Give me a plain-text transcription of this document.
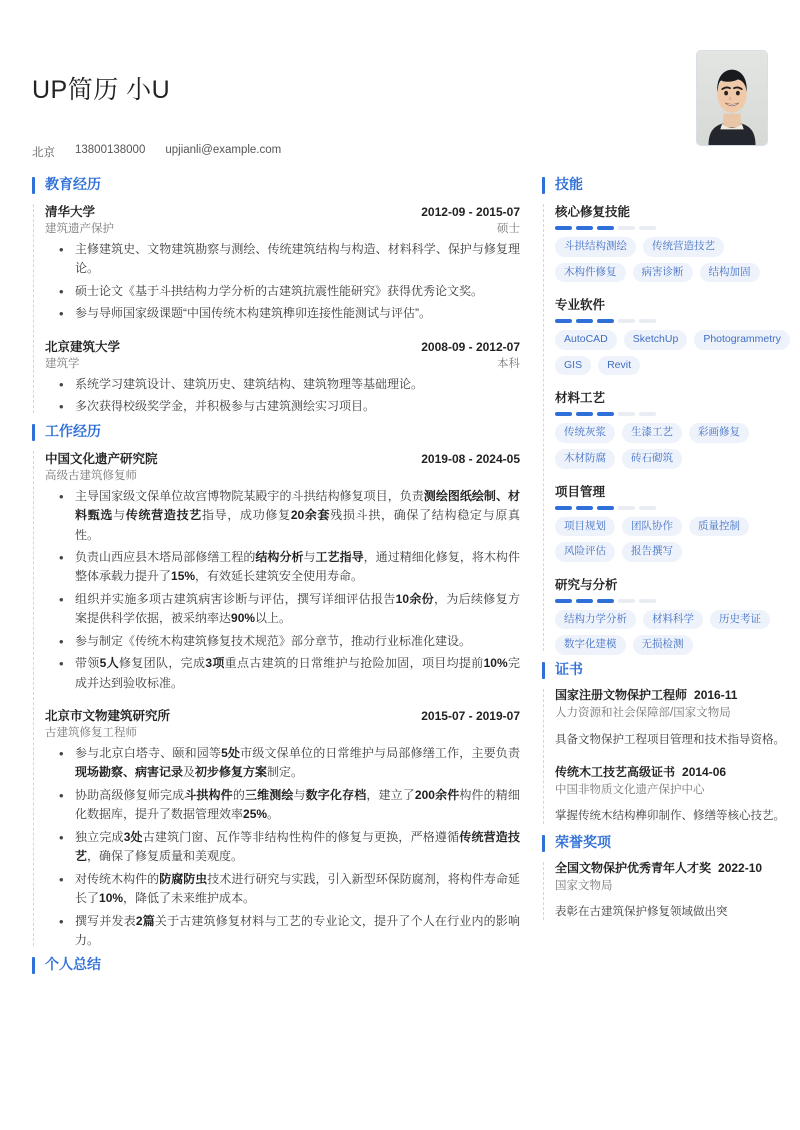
UP简历 小U
北京 13800138000 upjianli@example.com
教育经历
清华大学	2012-09 - 2015-07
建筑遗产保护	硕士
• 主修建筑史、文物建筑勘察与测绘、传统建筑结构与构造、材料科学、保护与修复理论。
• 硕士论文《基于斗拱结构力学分析的古建筑抗震性能研究》获得优秀论文奖。
• 参与导师国家级课题“中国传统木构建筑榫卯连接性能测试与评估”。
北京建筑大学	2008-09 - 2012-07
建筑学	本科
• 系统学习建筑设计、建筑历史、建筑结构、建筑物理等基础理论。
• 多次获得校级奖学金，并积极参与古建筑测绘实习项目。
工作经历
中国文化遗产研究院	2019-08 - 2024-05
高级古建筑修复师
• 主导国家级文保单位故宫博物院某殿宇的斗拱结构修复项目，负责测绘图纸绘制、材料甄选与传统营造技艺指导，成功修复20余套残损斗拱，确保了结构稳定与原真性。
• 负责山西应县木塔局部修缮工程的结构分析与工艺指导，通过精细化修复，将木构件整体承载力提升了15%，有效延长建筑安全使用寿命。
• 组织并实施多项古建筑病害诊断与评估，撰写详细评估报告10余份，为后续修复方案提供科学依据，被采纳率达90%以上。
• 参与制定《传统木构建筑修复技术规范》部分章节，推动行业标准化建设。
• 带领5人修复团队，完成3项重点古建筑的日常维护与抢险加固，项目均提前10%完成并达到验收标准。
北京市文物建筑研究所	2015-07 - 2019-07
古建筑修复工程师
• 参与北京白塔寺、颐和园等5处市级文保单位的日常维护与局部修缮工作，主要负责现场勘察、病害记录及初步修复方案制定。
• 协助高级修复师完成斗拱构件的三维测绘与数字化存档，建立了200余件构件的精细化数据库，提升了数据管理效率25%。
• 独立完成3处古建筑门窗、瓦作等非结构性构件的修复与更换，严格遵循传统营造技艺，确保了修复质量和美观度。
• 对传统木构件的防腐防虫技术进行研究与实践，引入新型环保防腐剂，将构件寿命延长了10%，降低了未来维护成本。
• 撰写并发表2篇关于古建筑修复材料与工艺的专业论文，提升了个人在行业内的影响力。
个人总结
技能
核心修复技能
斗拱结构测绘	传统营造技艺
木构件修复	病害诊断	结构加固
专业软件
AutoCAD	SketchUp	Photogrammetry
GIS	Revit
材料工艺
传统灰浆	生漆工艺	彩画修复
木材防腐	砖石砌筑
项目管理
项目规划	团队协作	质量控制
风险评估	报告撰写
研究与分析
结构力学分析	材料科学	历史考证
数字化建模	无损检测
证书
国家注册文物保护工程师 2016-11
人力资源和社会保障部/国家文物局
具备文物保护工程项目管理和技术指导资格。
传统木工技艺高级证书 2014-06
中国非物质文化遗产保护中心
掌握传统木结构榫卯制作、修缮等核心技艺。
荣誉奖项
全国文物保护优秀青年人才奖 2022-10
国家文物局
表彰在古建筑保护修复领域做出突
